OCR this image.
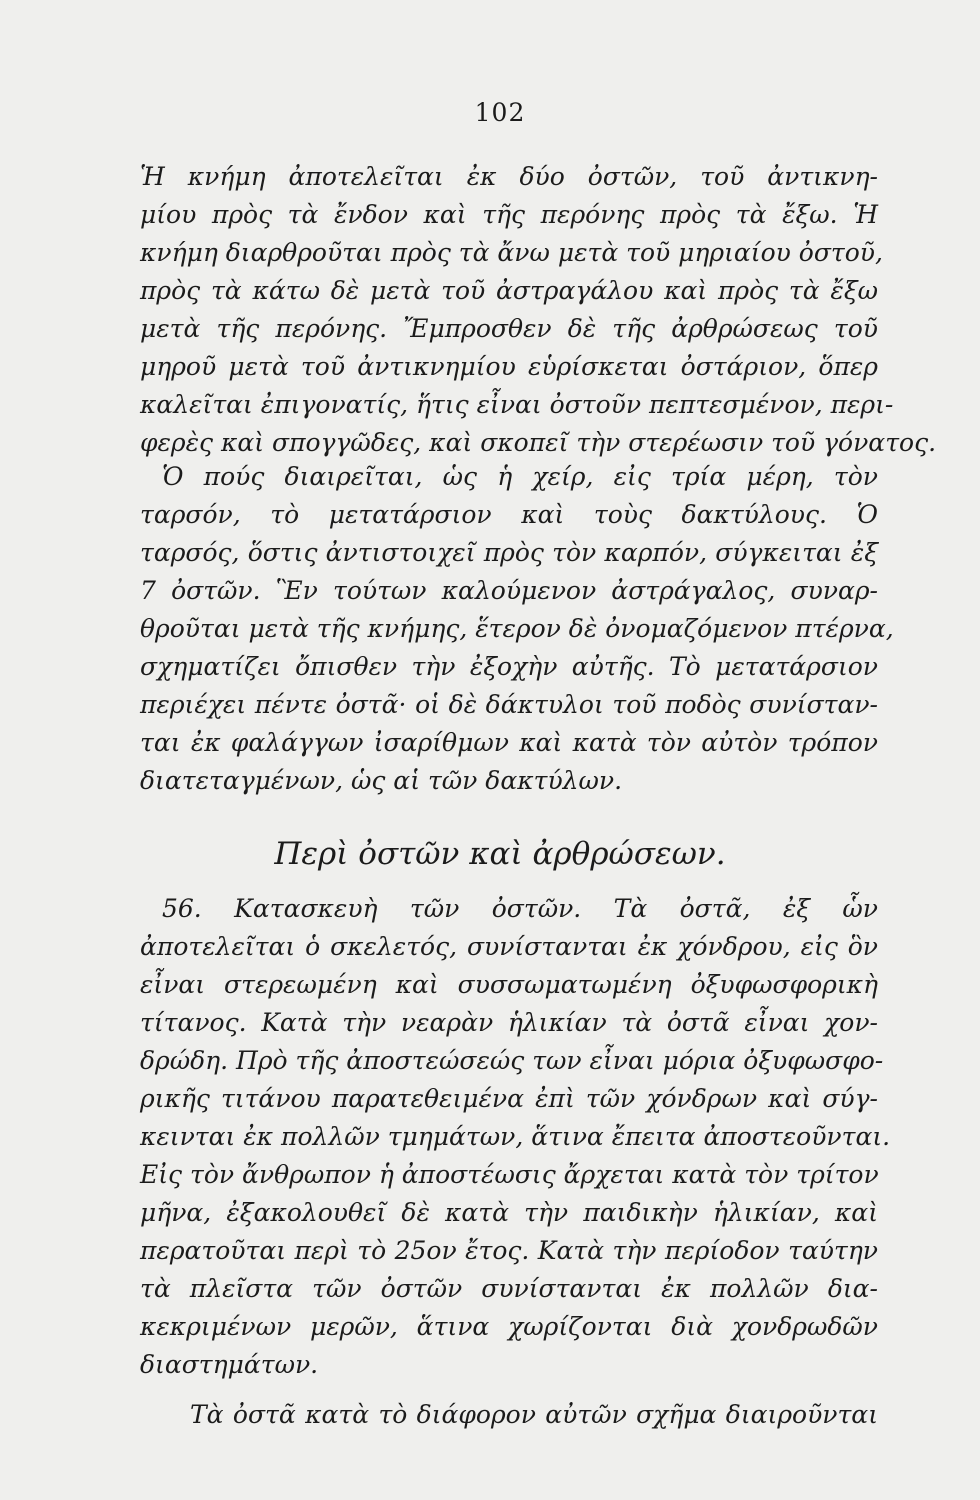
102
Ἡ κνήμη ἀποτελεῖται ἐκ δύο ὀστῶν, τοῦ ἀντικνη-
μίου πρὸς τὰ ἔνδον καὶ τῆς περόνης πρὸς τὰ ἔξω. Ἡ
κνήμη διαρθροῦται πρὸς τὰ ἄνω μετὰ τοῦ μηριαίου ὀστοῦ,
πρὸς τὰ κάτω δὲ μετὰ τοῦ ἀστραγάλου καὶ πρὸς τὰ ἔξω
μετὰ τῆς περόνης. Ἔμπροσθεν δὲ τῆς ἀρθρώσεως τοῦ
μηροῦ μετὰ τοῦ ἀντικνημίου εὑρίσκεται ὀστάριον, ὅπερ
καλεῖται ἐπιγονατίς, ἥτις εἶναι ὀστοῦν πεπτεσμένον, περι-
φερὲς καὶ σπογγῶδες, καὶ σκοπεῖ τὴν στερέωσιν τοῦ γόνατος.
Ὁ πούς διαιρεῖται, ὡς ἡ χείρ, εἰς τρία μέρη, τὸν
ταρσόν, τὸ μετατάρσιον καὶ τοὺς δακτύλους. Ὁ
ταρσός, ὅστις ἀντιστοιχεῖ πρὸς τὸν καρπόν, σύγκειται ἐξ
7 ὀστῶν. Ἓν τούτων καλούμενον ἀστράγαλος, συναρ-
θροῦται μετὰ τῆς κνήμης, ἕτερον δὲ ὀνομαζόμενον πτέρνα,
σχηματίζει ὄπισθεν τὴν ἐξοχὴν αὐτῆς. Τὸ μετατάρσιον
περιέχει πέντε ὀστᾶ· οἱ δὲ δάκτυλοι τοῦ ποδὸς συνίσταν-
ται ἐκ φαλάγγων ἰσαρίθμων καὶ κατὰ τὸν αὐτὸν τρόπον
διατεταγμένων, ὡς αἱ τῶν δακτύλων.
Περὶ ὀστῶν καὶ ἀρθρώσεων.
56. Κατασκευὴ τῶν ὀστῶν. Τὰ ὀστᾶ, ἐξ ὧν
ἀποτελεῖται ὁ σκελετός, συνίστανται ἐκ χόνδρου, εἰς ὃν
εἶναι στερεωμένη καὶ συσσωματωμένη ὀξυφωσφορικὴ
τίτανος. Κατὰ τὴν νεαρὰν ἡλικίαν τὰ ὀστᾶ εἶναι χον-
δρώδη. Πρὸ τῆς ἀποστεώσεώς των εἶναι μόρια ὀξυφωσφο-
ρικῆς τιτάνου παρατεθειμένα ἐπὶ τῶν χόνδρων καὶ σύγ-
κεινται ἐκ πολλῶν τμημάτων, ἅτινα ἔπειτα ἀποστεοῦνται.
Εἰς τὸν ἄνθρωπον ἡ ἀποστέωσις ἄρχεται κατὰ τὸν τρίτον
μῆνα, ἐξακολουθεῖ δὲ κατὰ τὴν παιδικὴν ἡλικίαν, καὶ
περατοῦται περὶ τὸ 25ον ἔτος. Κατὰ τὴν περίοδον ταύτην
τὰ πλεῖστα τῶν ὀστῶν συνίστανται ἐκ πολλῶν δια-
κεκριμένων μερῶν, ἅτινα χωρίζονται διὰ χονδρωδῶν
διαστημάτων.
Τὰ ὀστᾶ κατὰ τὸ διάφορον αὐτῶν σχῆμα διαιροῦνται
